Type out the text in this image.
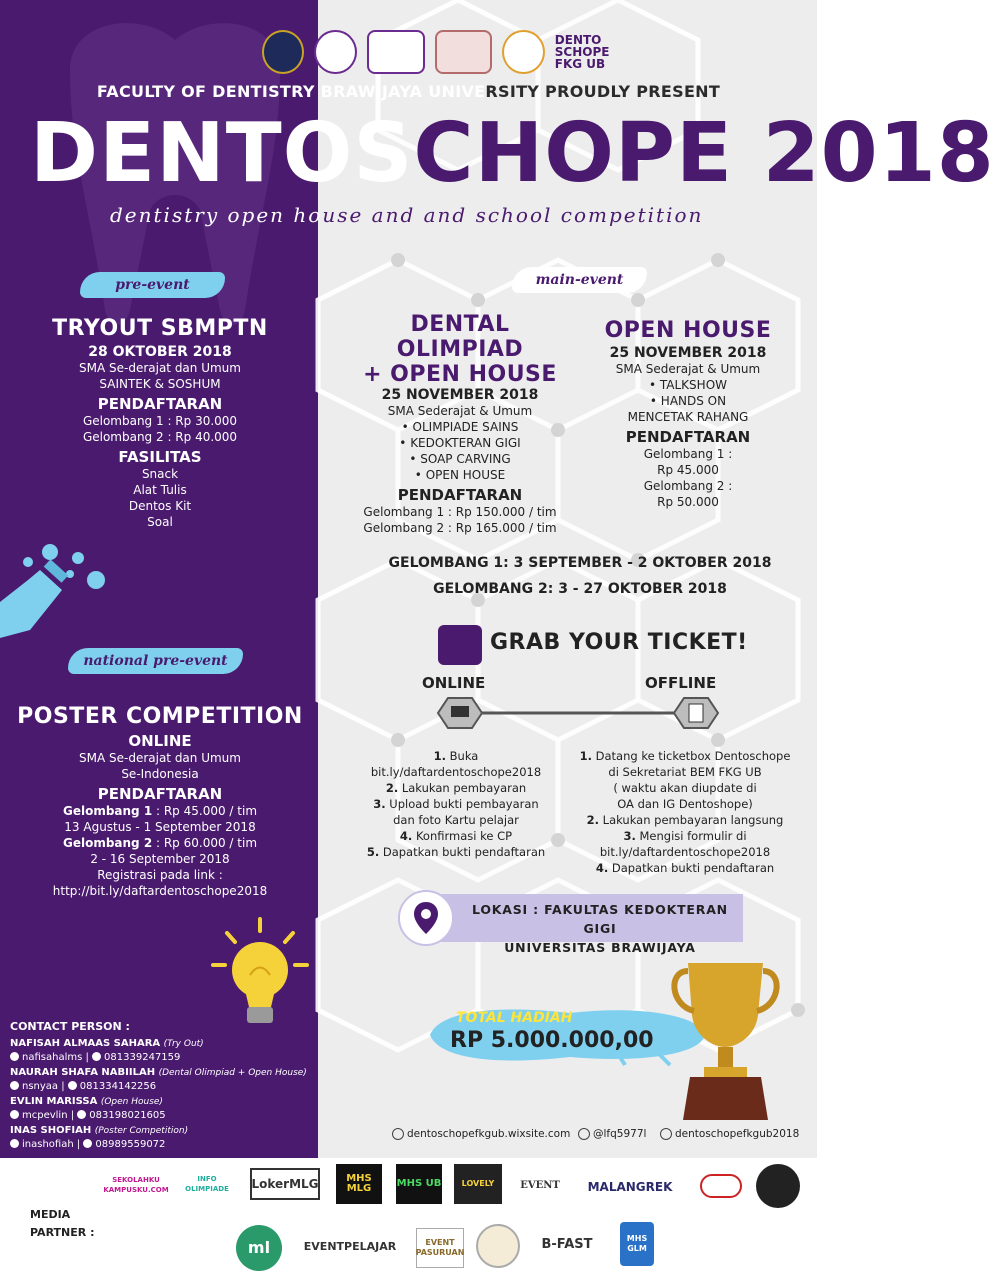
DENTO
SCHOPE
FKG UB
FACULTY OF DENTISTRY BRAWIJAYA UNIVERSITY PROUDLY PRESENT
DENTOSCHOPE 2018
dentistry open house and and school competition
pre-event
TRYOUT SBMPTN
28 OKTOBER 2018
SMA Se-derajat dan Umum
SAINTEK & SOSHUM
PENDAFTARAN
Gelombang 1 : Rp 30.000
Gelombang 2 : Rp 40.000
FASILITAS
Snack
Alat Tulis
Dentos Kit
Soal
national pre-event
POSTER COMPETITION
ONLINE
SMA Se-derajat dan Umum
Se-Indonesia
PENDAFTARAN
Gelombang 1 : Rp 45.000 / tim
13 Agustus - 1 September 2018
Gelombang 2 : Rp 60.000 / tim
2 - 16 September 2018
Registrasi pada link :
http://bit.ly/daftardentoschope2018
CONTACT PERSON :
NAFISAH ALMAAS SAHARA (Try Out)
nafisahalms | 081339247159
NAURAH SHAFA NABIILAH (Dental Olimpiad + Open House)
nsnyaa | 081334142256
EVLIN MARISSA (Open House)
mcpevlin | 083198021605
INAS SHOFIAH (Poster Competition)
inashofiah | 08989559072
main-event
DENTAL OLIMPIAD
+ OPEN HOUSE
25 NOVEMBER 2018
SMA Sederajat & Umum
• OLIMPIADE SAINS
• KEDOKTERAN GIGI
• SOAP CARVING
• OPEN HOUSE
PENDAFTARAN
Gelombang 1 : Rp 150.000 / tim
Gelombang 2 : Rp 165.000 / tim
OPEN HOUSE
25 NOVEMBER 2018
SMA Sederajat & Umum
• TALKSHOW
• HANDS ON
MENCETAK RAHANG
PENDAFTARAN
Gelombang 1 :
Rp 45.000
Gelombang 2 :
Rp 50.000
GELOMBANG 1: 3 SEPTEMBER - 2 OKTOBER 2018
GELOMBANG 2: 3 - 27 OKTOBER 2018
GRAB YOUR TICKET!
ONLINE	OFFLINE
1. Buka
bit.ly/daftardentoschope2018
2. Lakukan pembayaran
3. Upload bukti pembayaran
dan foto Kartu pelajar
4. Konfirmasi ke CP
5. Dapatkan bukti pendaftaran
1. Datang ke ticketbox Dentoschope
di Sekretariat BEM FKG UB
( waktu akan diupdate di
OA dan IG Dentoshope)
2. Lakukan pembayaran langsung
3. Mengisi formulir di
bit.ly/daftardentoschope2018
4. Dapatkan bukti pendaftaran
LOKASI : FAKULTAS KEDOKTERAN GIGI
UNIVERSITAS BRAWIJAYA
TOTAL HADIAH
RP 5.000.000,00
dentoschopefkgub.wixsite.com	@lfq5977l	dentoschopefkgub2018
MEDIA
PARTNER :
SEKOLAHKU KAMPUSKU.COM
INFO OLIMPIADE	LokerMLG	MHS MLG	MHS UB	LOVELY	EVENT	MALANGREK
ml	EVENTPELAJAR	EVENT PASURUAN
B-FAST	MHS GLM
